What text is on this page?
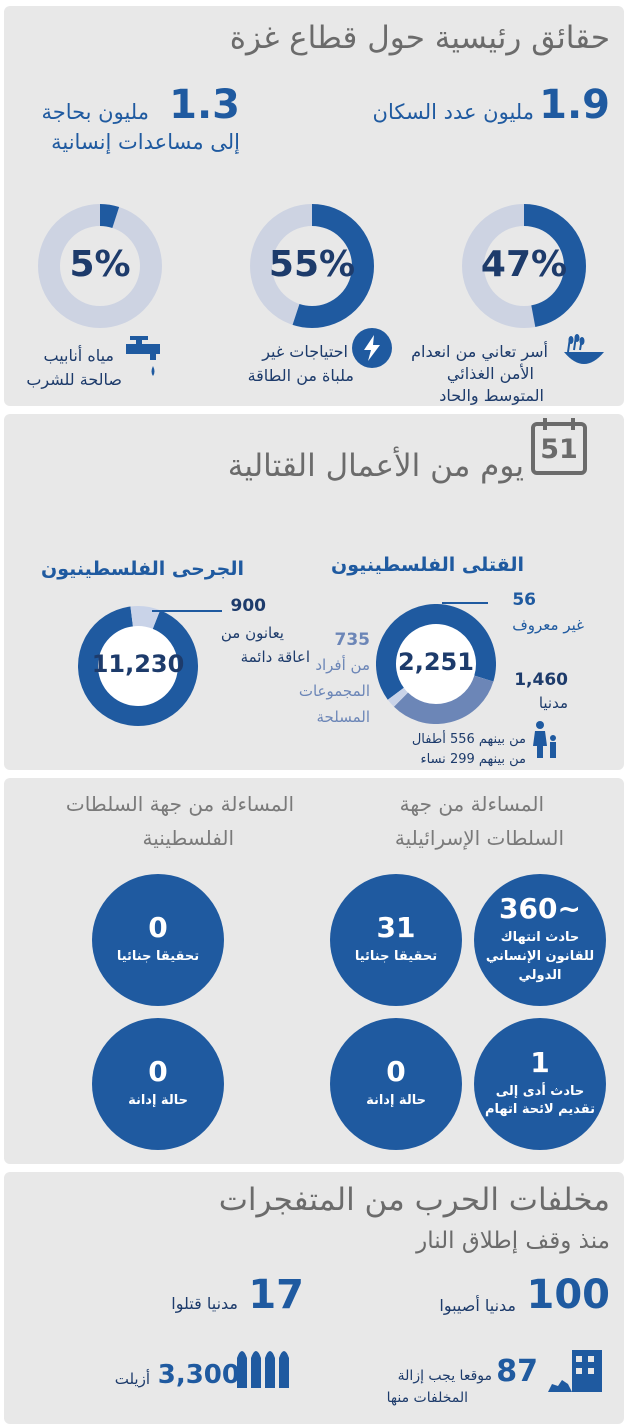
حقائق رئيسية حول قطاع غزة
1.9
مليون عدد السكان
1.3
مليون بحاجة
إلى مساعدات إنسانية
47%
أسر تعاني من انعدام
الأمن الغذائي
المتوسط والحاد
55%
احتياجات غير
ملباة من الطاقة
5%
مياه أنابيب
صالحة للشرب
51
يوم من الأعمال القتالية
القتلى الفلسطينيون
2,251
56
غير معروف
735
من أفراد
المجموعات
المسلحة
1,460
مدنيا
من بينهم 556 أطفال
من بينهم 299 نساء
الجرحى الفلسطينيون
11,230
900
يعانون من
اعاقة دائمة
المساءلة من جهة
السلطات الإسرائيلية
المساءلة من جهة السلطات
الفلسطينية
~360
حادث انتهاك
للقانون الإنساني
الدولي
31
تحقيقا جنائيا
1
حادث أدى إلى
تقديم لائحة اتهام
0
حالة إدانة
0
تحقيقا جنائيا
0
حالة إدانة
مخلفات الحرب من المتفجرات
منذ وقف إطلاق النار
100
مدنيا أصيبوا
17
مدنيا قتلوا
87
موقعا يجب إزالة
المخلفات منها
3,300
أزيلت
